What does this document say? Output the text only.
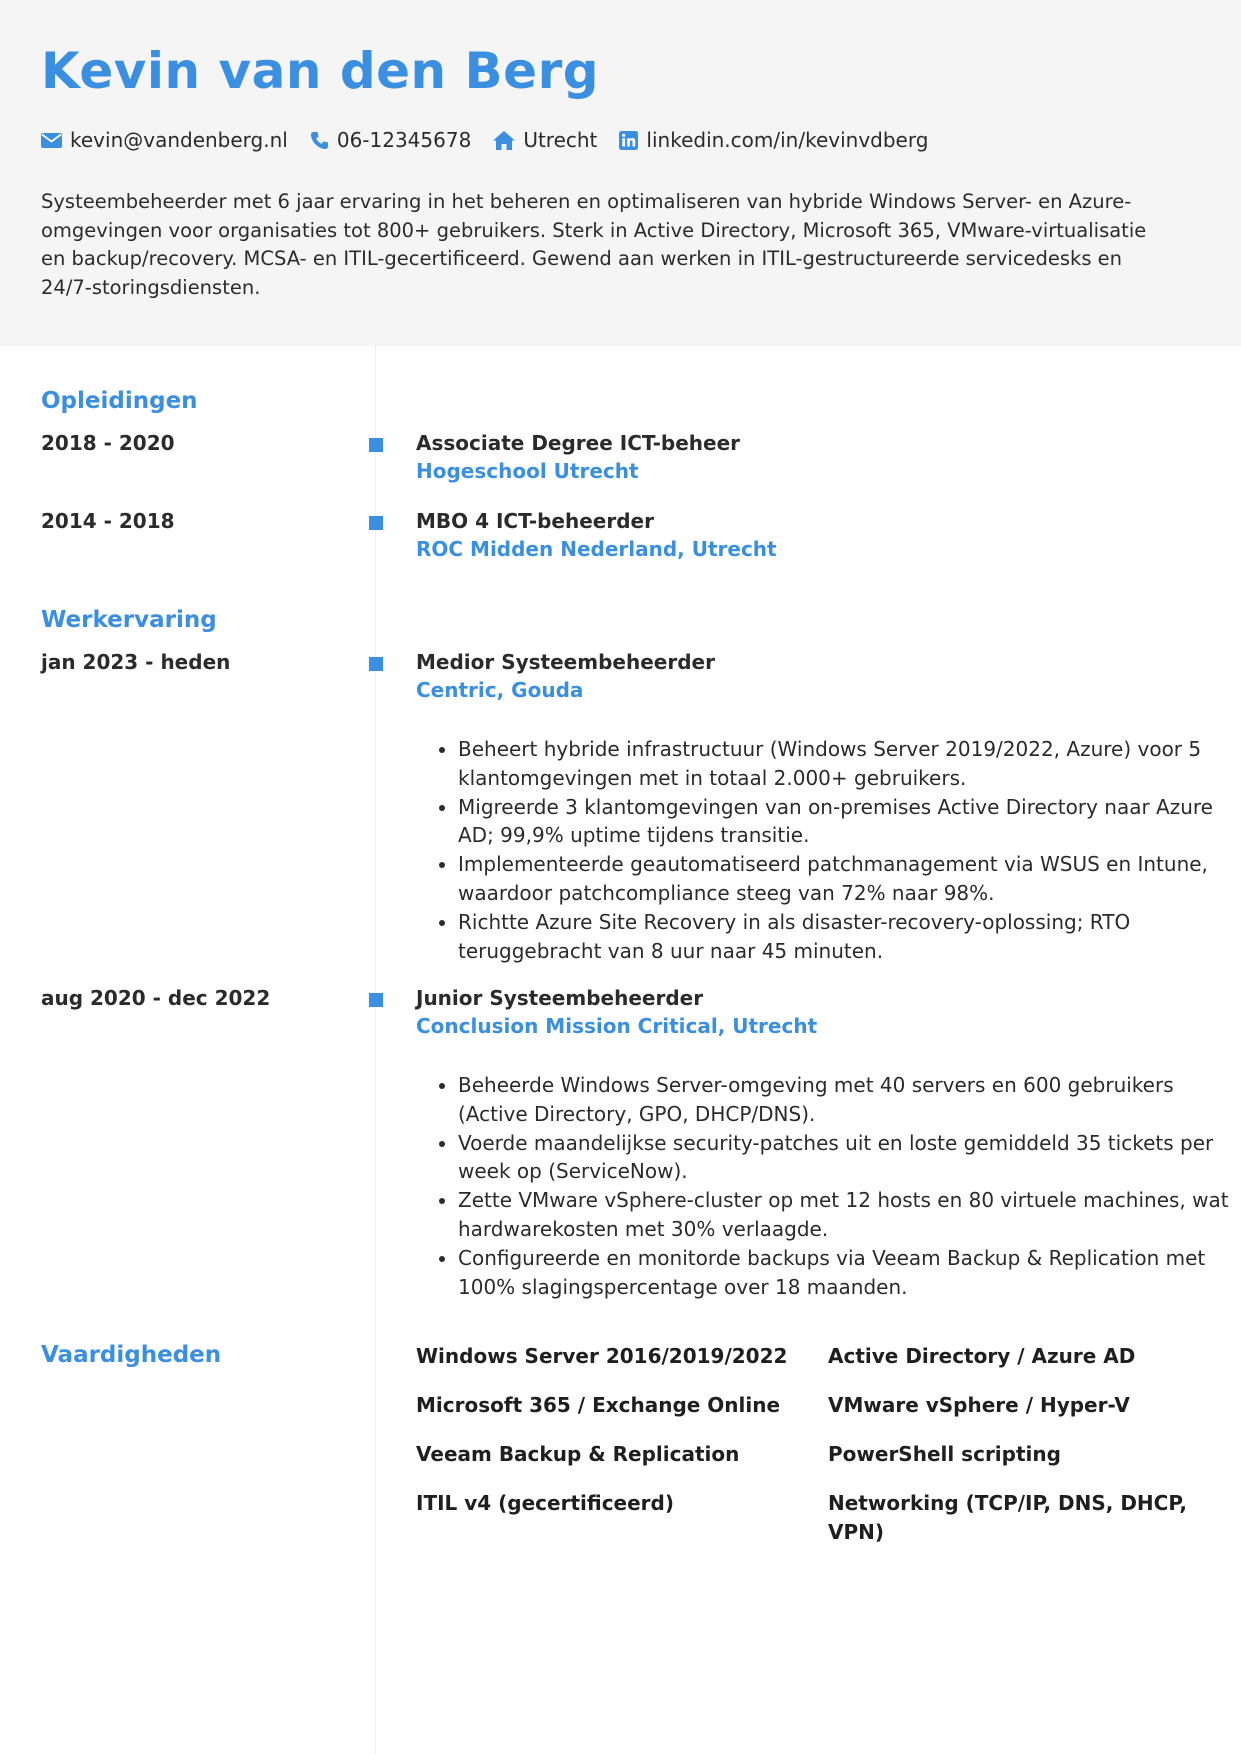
Kevin van den Berg
kevin@vandenberg.nl 06-12345678	Utrecht linkedin.com/in/kevinvdberg

Systeembeheerder met 6 jaar ervaring in het beheren en optimaliseren van hybride Windows Server- en Azure-omgevingen voor organisaties tot 800+ gebruikers. Sterk in Active Directory, Microsoft 365, VMware-virtualisatie en backup/recovery. MCSA- en ITIL-gecertificeerd. Gewend aan werken in ITIL-gestructureerde servicedesks en 24/7-storingsdiensten.

Opleidingen
2018 - 2020	Associate Degree ICT-beheer
Hogeschool Utrecht
2014 - 2018	MBO 4 ICT-beheerder
ROC Midden Nederland, Utrecht
Werkervaring
jan 2023 - heden	Medior Systeembeheerder
Centric, Gouda
• Beheert hybride infrastructuur (Windows Server 2019/2022, Azure) voor 5 klantomgevingen met in totaal 2.000+ gebruikers.
• Migreerde 3 klantomgevingen van on-premises Active Directory naar Azure AD; 99,9% uptime tijdens transitie.
• Implementeerde geautomatiseerd patchmanagement via WSUS en Intune, waardoor patchcompliance steeg van 72% naar 98%.
• Richtte Azure Site Recovery in als disaster-recovery-oplossing; RTO teruggebracht van 8 uur naar 45 minuten.
aug 2020 - dec 2022	Junior Systeembeheerder
Conclusion Mission Critical, Utrecht
• Beheerde Windows Server-omgeving met 40 servers en 600 gebruikers (Active Directory, GPO, DHCP/DNS).
• Voerde maandelijkse security-patches uit en loste gemiddeld 35 tickets per week op (ServiceNow).
• Zette VMware vSphere-cluster op met 12 hosts en 80 virtuele machines, wat hardwarekosten met 30% verlaagde.
• Configureerde en monitorde backups via Veeam Backup & Replication met 100% slagingspercentage over 18 maanden.
Vaardigheden	Windows Server 2016/2019/2022	Active Directory / Azure AD
Microsoft 365 / Exchange Online	VMware vSphere / Hyper-V
Veeam Backup & Replication	PowerShell scripting
ITIL v4 (gecertificeerd)	Networking (TCP/IP, DNS, DHCP, VPN)
